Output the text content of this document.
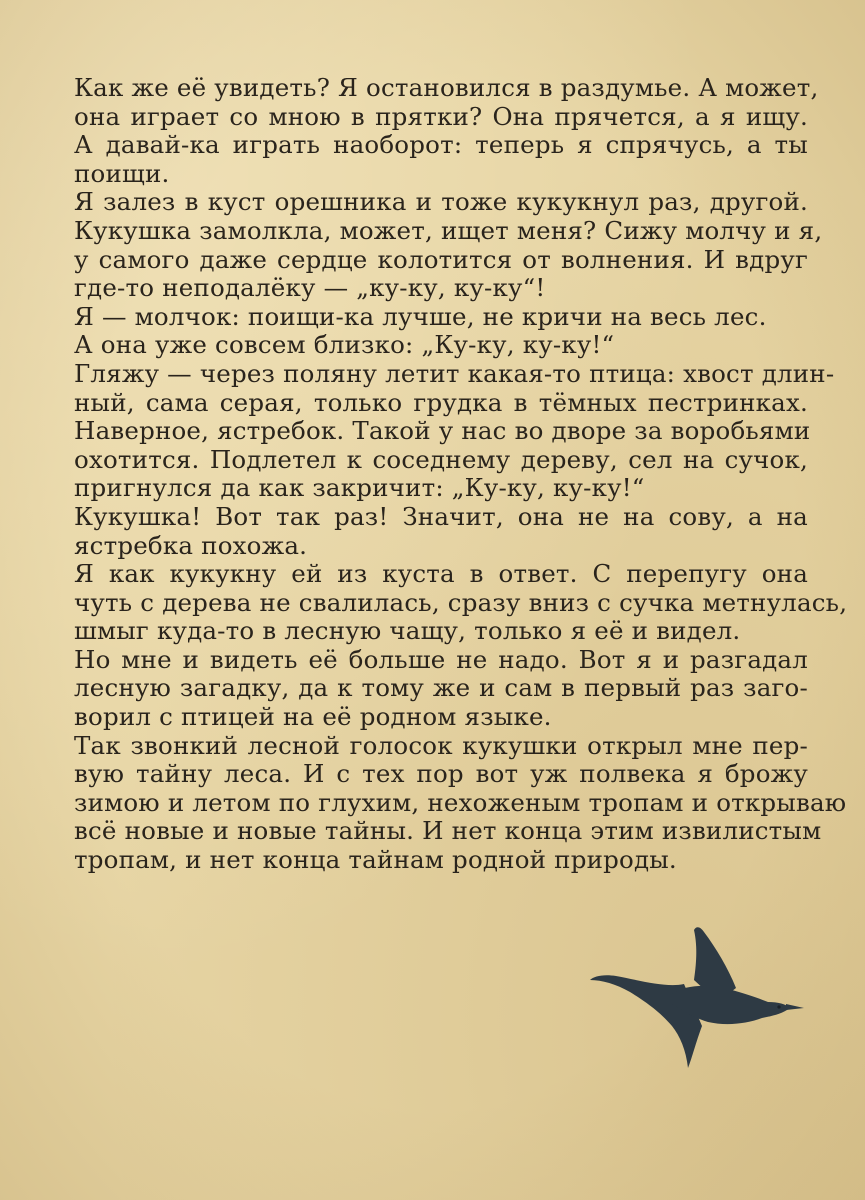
Как же её увидеть? Я остановился в раздумье. А может,
она играет со мною в прятки? Она прячется, а я ищу.
А давай-ка играть наоборот: теперь я спрячусь, а ты
поищи.

Я залез в куст орешника и тоже кукукнул раз, другой.
Кукушка замолкла, может, ищет меня? Сижу молчу и я,
у самого даже сердце колотится от волнения. И вдруг
где-то неподалёку — „ку-ку, ку-ку“!

Я — молчок: поищи-ка лучше, не кричи на весь лес.

А она уже совсем близко: „Ку-ку, ку-ку!“

Гляжу — через поляну летит какая-то птица: хвост длин-
ный, сама серая, только грудка в тёмных пестринках.
Наверное, ястребок. Такой у нас во дворе за воробьями
охотится. Подлетел к соседнему дереву, сел на сучок,
пригнулся да как закричит: „Ку-ку, ку-ку!“

Кукушка! Вот так раз! Значит, она не на сову, а на
ястребка похожа.

Я как кукукну ей из куста в ответ. С перепугу она
чуть с дерева не свалилась, сразу вниз с сучка метнулась,
шмыг куда-то в лесную чащу, только я её и видел.

Но мне и видеть её больше не надо. Вот я и разгадал
лесную загадку, да к тому же и сам в первый раз заго-
ворил с птицей на её родном языке.

Так звонкий лесной голосок кукушки открыл мне пер-
вую тайну леса. И с тех пор вот уж полвека я брожу
зимою и летом по глухим, нехоженым тропам и открываю
всё новые и новые тайны. И нет конца этим извилистым
тропам, и нет конца тайнам родной природы.
